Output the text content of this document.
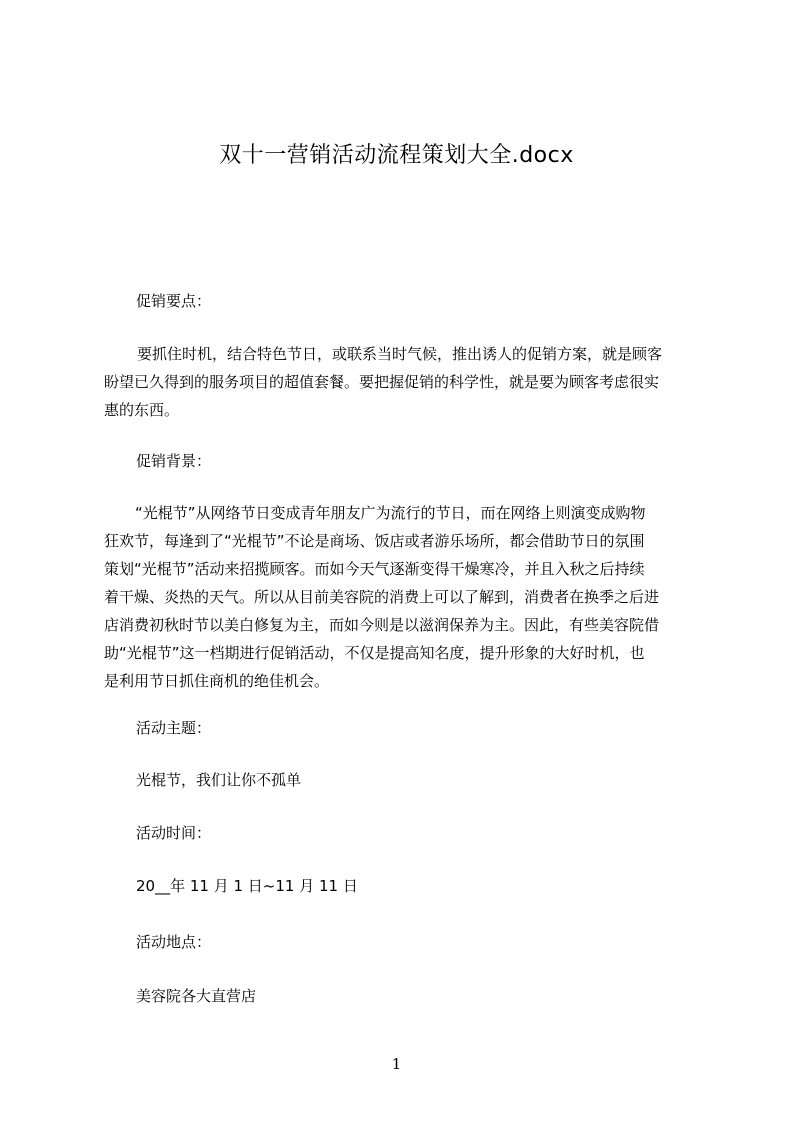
双十一营销活动流程策划大全.docx
促销要点：
　要抓住时机，结合特色节日，或联系当时气候，推出诱人的促销方案，就是顾客
盼望已久得到的服务项目的超值套餐。要把握促销的科学性，就是要为顾客考虑很实
惠的东西。
促销背景：
　“光棍节”从网络节日变成青年朋友广为流行的节日，而在网络上则演变成购物
狂欢节，每逢到了“光棍节”不论是商场、饭店或者游乐场所，都会借助节日的氛围
策划“光棍节”活动来招揽顾客。而如今天气逐渐变得干燥寒冷，并且入秋之后持续
着干燥、炎热的天气。所以从目前美容院的消费上可以了解到，消费者在换季之后进
店消费初秋时节以美白修复为主，而如今则是以滋润保养为主。因此，有些美容院借
助“光棍节”这一档期进行促销活动，不仅是提高知名度，提升形象的大好时机，也
是利用节日抓住商机的绝佳机会。
活动主题：
光棍节，我们让你不孤单
活动时间：
20__年 11 月 1 日~11 月 11 日
活动地点：
美容院各大直营店
1
